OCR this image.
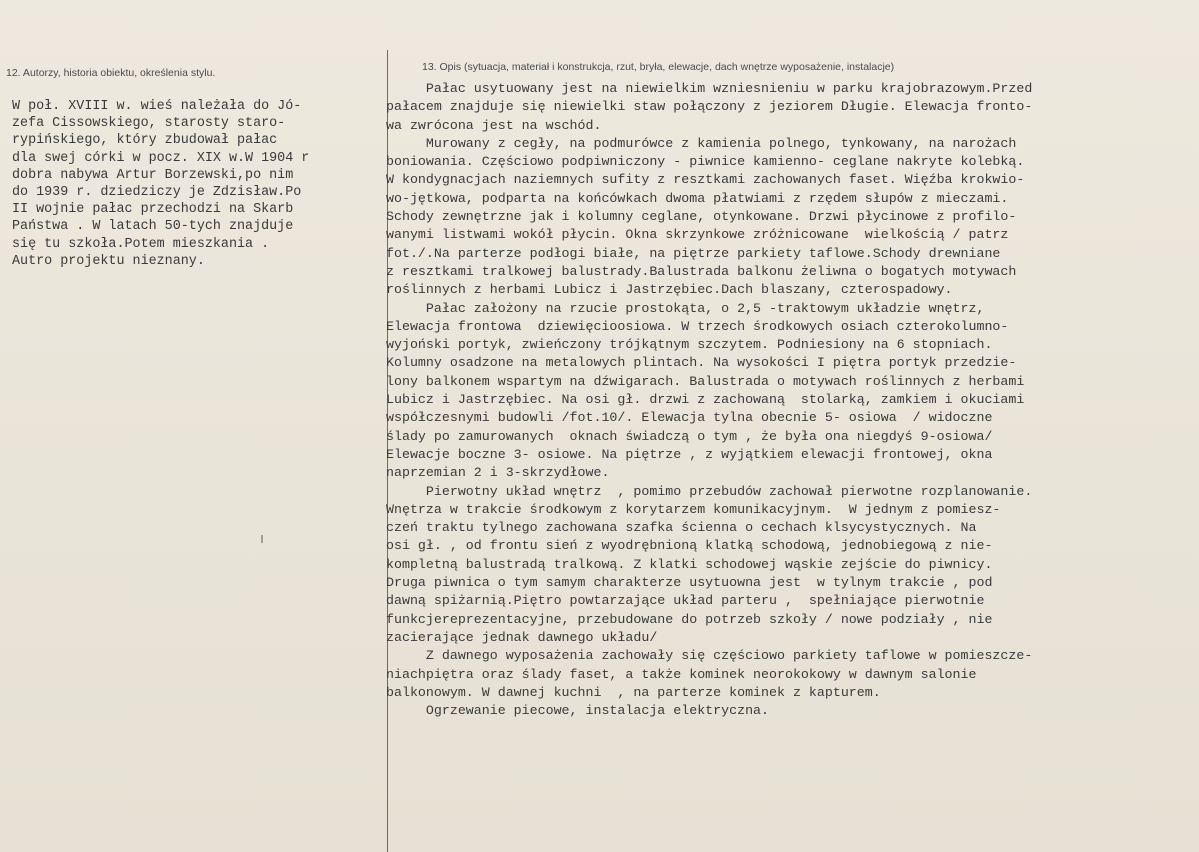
12. Autorzy, historia obiektu, określenia stylu.	13. Opis (sytuacja, materiał i konstrukcja, rzut, bryła, elewacje, dach wnętrze wyposażenie, instalacje)
W poł. XVIII w. wieś należała do Jó-
zefa Cissowskiego, starosty staro-
rypińskiego, który zbudował pałac
dla swej córki w pocz. XIX w.W 1904 r
dobra nabywa Artur Borzewski,po nim
do 1939 r. dziedziczy je Zdzisław.Po
II wojnie pałac przechodzi na Skarb
Państwa . W latach 50-tych znajduje
się tu szkoła.Potem mieszkania .
Autro projektu nieznany.
Pałac usytuowany jest na niewielkim wzniesnieniu w parku krajobrazowym.Przed
pałacem znajduje się niewielki staw połączony z jeziorem Długie. Elewacja fronto-
wa zwrócona jest na wschód.
Murowany z cegły, na podmurówce z kamienia polnego, tynkowany, na narożach
boniowania. Częściowo podpiwniczony - piwnice kamienno- ceglane nakryte kolebką.
W kondygnacjach naziemnych sufity z resztkami zachowanych faset. Więźba krokwio-
wo-jętkowa, podparta na końcówkach dwoma płatwiami z rzędem słupów z mieczami.
Schody zewnętrzne jak i kolumny ceglane, otynkowane. Drzwi płycinowe z profilo-
wanymi listwami wokół płycin. Okna skrzynkowe zróżnicowane  wielkością / patrz
fot./.Na parterze podłogi białe, na piętrze parkiety taflowe.Schody drewniane
z resztkami tralkowej balustrady.Balustrada balkonu żeliwna o bogatych motywach
roślinnych z herbami Lubicz i Jastrzębiec.Dach blaszany, czterospadowy.
Pałac założony na rzucie prostokąta, o 2,5 -traktowym układzie wnętrz,
Elewacja frontowa  dziewięcioosiowa. W trzech środkowych osiach czterokolumno-
wyjoński portyk, zwieńczony trójkątnym szczytem. Podniesiony na 6 stopniach.
Kolumny osadzone na metalowych plintach. Na wysokości I piętra portyk przedzie-
lony balkonem wspartym na dźwigarach. Balustrada o motywach roślinnych z herbami
Lubicz i Jastrzębiec. Na osi gł. drzwi z zachowaną  stolarką, zamkiem i okuciami
współczesnymi budowli /fot.10/. Elewacja tylna obecnie 5- osiowa  / widoczne
ślady po zamurowanych  oknach świadczą o tym , że była ona niegdyś 9-osiowa/
Elewacje boczne 3- osiowe. Na piętrze , z wyjątkiem elewacji frontowej, okna
naprzemian 2 i 3-skrzydłowe.
Pierwotny układ wnętrz  , pomimo przebudów zachował pierwotne rozplanowanie.
Wnętrza w trakcie środkowym z korytarzem komunikacyjnym.  W jednym z pomiesz-
czeń traktu tylnego zachowana szafka ścienna o cechach klsycystycznych. Na
osi gł. , od frontu sień z wyodrębnioną klatką schodową, jednobiegową z nie-
kompletną balustradą tralkową. Z klatki schodowej wąskie zejście do piwnicy.
Druga piwnica o tym samym charakterze usytuowna jest  w tylnym trakcie , pod
dawną spiżarnią.Piętro powtarzające układ parteru ,  spełniające pierwotnie
funkcjereprezentacyjne, przebudowane do potrzeb szkoły / nowe podziały , nie
zacierające jednak dawnego układu/
Z dawnego wyposażenia zachowały się częściowo parkiety taflowe w pomieszcze-
niachpiętra oraz ślady faset, a także kominek neorokokowy w dawnym salonie
balkonowym. W dawnej kuchni  , na parterze kominek z kapturem.
Ogrzewanie piecowe, instalacja elektryczna.
